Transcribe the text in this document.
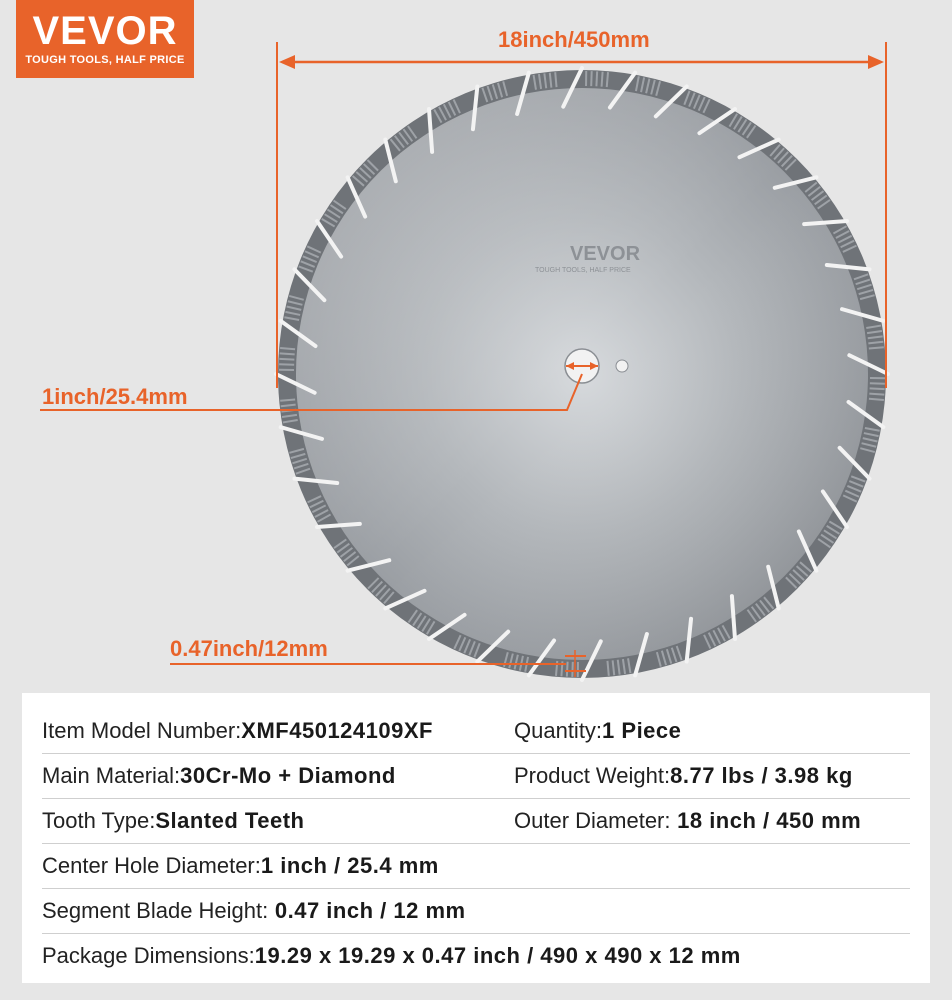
VEVOR
TOUGH TOOLS, HALF PRICE
VEVOR
TOUGH TOOLS, HALF PRICE
18inch/450mm
1inch/25.4mm
0.47inch/12mm
Item Model Number: XMF450124109XF	Quantity: 1 Piece
Main Material: 30Cr-Mo + Diamond	Product Weight: 8.77 lbs / 3.98 kg
Tooth Type: Slanted Teeth	Outer Diameter: 18 inch / 450 mm
Center Hole Diameter: 1 inch / 25.4 mm
Segment Blade Height: 0.47 inch / 12 mm
Package Dimensions: 19.29 x 19.29 x 0.47 inch / 490 x 490 x 12 mm
